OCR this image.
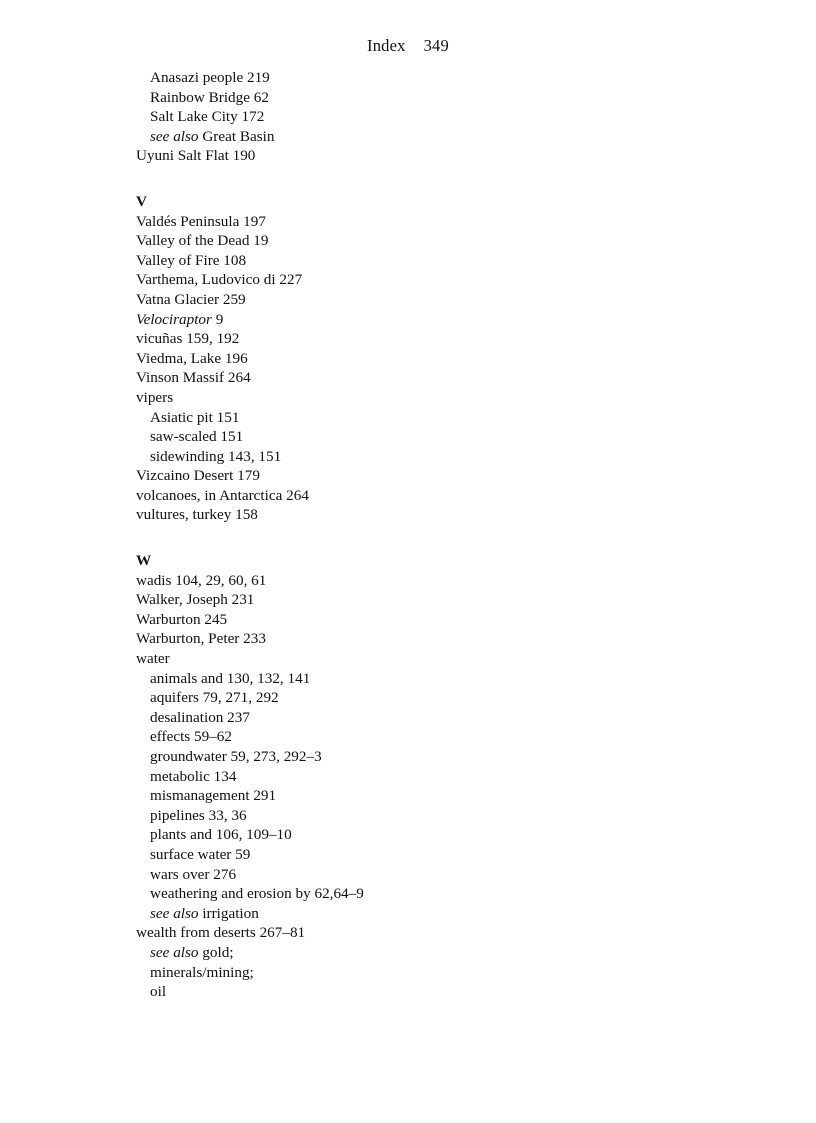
Index 349
Anasazi people 219
Rainbow Bridge 62
Salt Lake City 172
see also Great Basin
Uyuni Salt Flat 190
V
Valdés Peninsula 197
Valley of the Dead 19
Valley of Fire 108
Varthema, Ludovico di 227
Vatna Glacier 259
Velociraptor 9
vicuñas 159, 192
Viedma, Lake 196
Vinson Massif 264
vipers
Asiatic pit 151
saw-scaled 151
sidewinding 143, 151
Vizcaino Desert 179
volcanoes, in Antarctica 264
vultures, turkey 158
W
wadis 104, 29, 60, 61
Walker, Joseph 231
Warburton 245
Warburton, Peter 233
water
animals and 130, 132, 141
aquifers 79, 271, 292
desalination 237
effects 59–62
groundwater 59, 273, 292–3
metabolic 134
mismanagement 291
pipelines 33, 36
plants and 106, 109–10
surface water 59
wars over 276
weathering and erosion by 62,64–9
see also irrigation
wealth from deserts 267–81
see also gold;
minerals/mining;
oil
